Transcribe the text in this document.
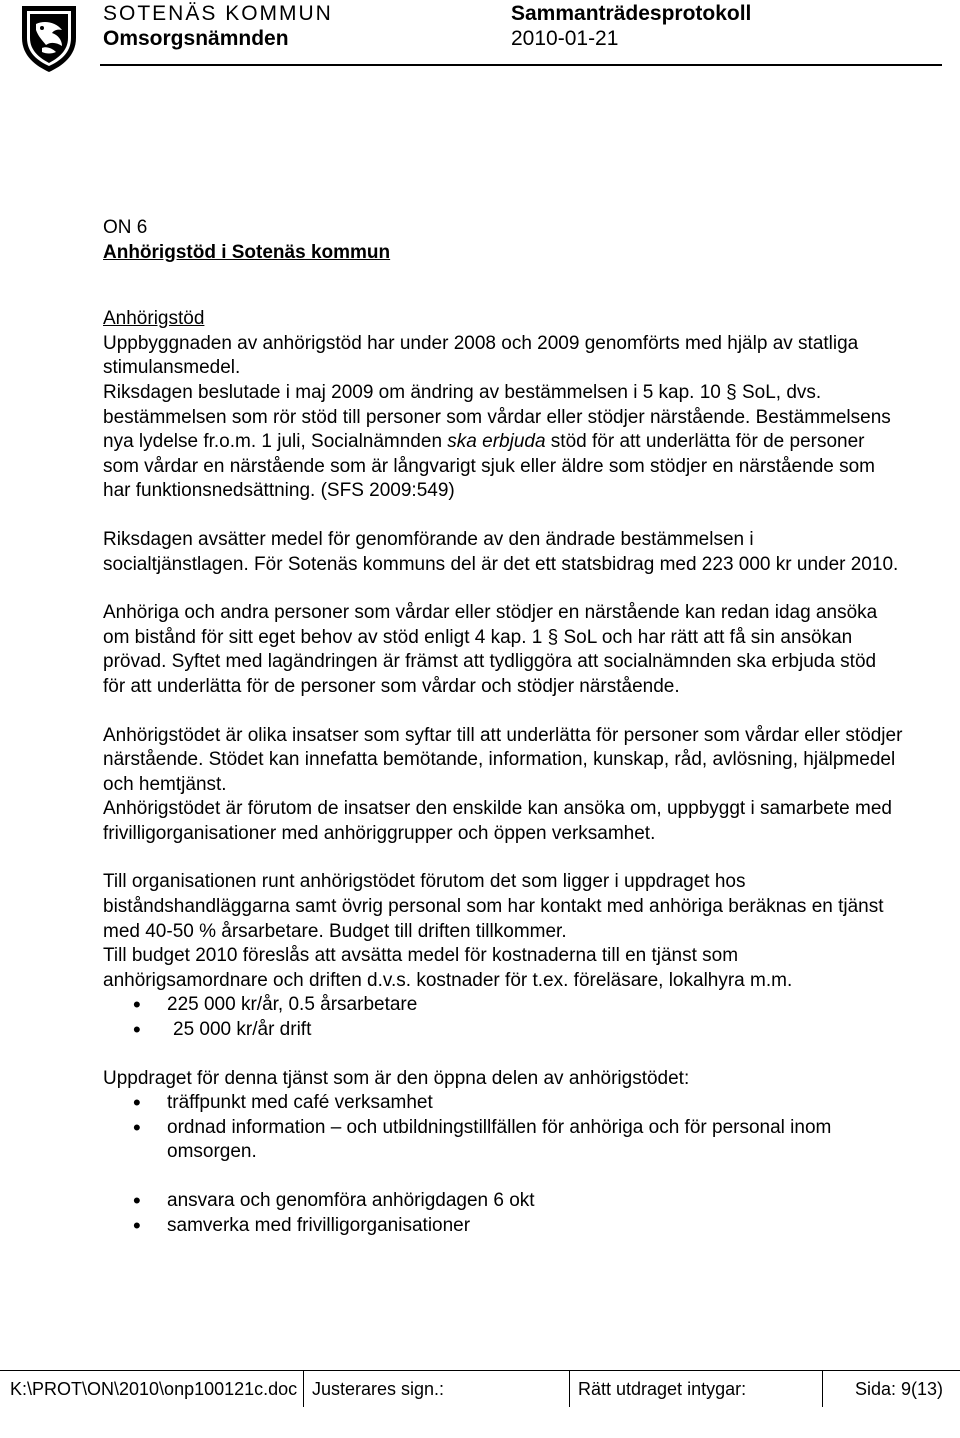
SOTENÄS KOMMUN
Omsorgsnämnden
Sammanträdesprotokoll
2010-01-21

ON 6

Anhörigstöd i Sotenäs kommun

Anhörigstöd

Uppbyggnaden av anhörigstöd har under 2008 och 2009 genomförts med hjälp av statliga stimulansmedel.
Riksdagen beslutade i maj 2009 om ändring av bestämmelsen i 5 kap. 10 § SoL, dvs. bestämmelsen som rör stöd till personer som vårdar eller stödjer närstående. Bestämmelsens nya lydelse fr.o.m. 1 juli, Socialnämnden ska erbjuda stöd för att underlätta för de personer som vårdar en närstående som är långvarigt sjuk eller äldre som stödjer en närstående som har funktionsnedsättning. (SFS 2009:549)

Riksdagen avsätter medel för genomförande av den ändrade bestämmelsen i socialtjänstlagen. För Sotenäs kommuns del är det ett statsbidrag med 223 000 kr under 2010.

Anhöriga och andra personer som vårdar eller stödjer en närstående kan redan idag ansöka om bistånd för sitt eget behov av stöd enligt 4 kap. 1 § SoL och har rätt att få sin ansökan prövad. Syftet med lagändringen är främst att tydliggöra att socialnämnden ska erbjuda stöd för att underlätta för de personer som vårdar och stödjer närstående.

Anhörigstödet är olika insatser som syftar till att underlätta för personer som vårdar eller stödjer närstående. Stödet kan innefatta bemötande, information, kunskap, råd, avlösning, hjälpmedel och hemtjänst.

Anhörigstödet är förutom de insatser den enskilde kan ansöka om, uppbyggt i samarbete med frivilligorganisationer med anhöriggrupper och öppen verksamhet.

Till organisationen runt anhörigstödet förutom det som ligger i uppdraget hos biståndshandläggarna samt övrig personal som har kontakt med anhöriga beräknas en tjänst med 40-50 % årsarbetare. Budget till driften tillkommer.

Till budget 2010 föreslås att avsätta medel för kostnaderna till en tjänst som anhörigsamordnare och driften d.v.s. kostnader för t.ex. föreläsare, lokalhyra m.m.

• 225 000 kr/år, 0.5 årsarbetare
• 25 000 kr/år drift

Uppdraget för denna tjänst som är den öppna delen av anhörigstödet:

• träffpunkt med café verksamhet
• ordnad information – och utbildningstillfällen för anhöriga och för personal inom omsorgen.
• ansvara och genomföra anhörigdagen 6 okt
• samverka med frivilligorganisationer
K:\PROT\ON\2010\onp100121c.doc Justerares sign.:	Rätt utdraget intygar:	Sida: 9(13)
